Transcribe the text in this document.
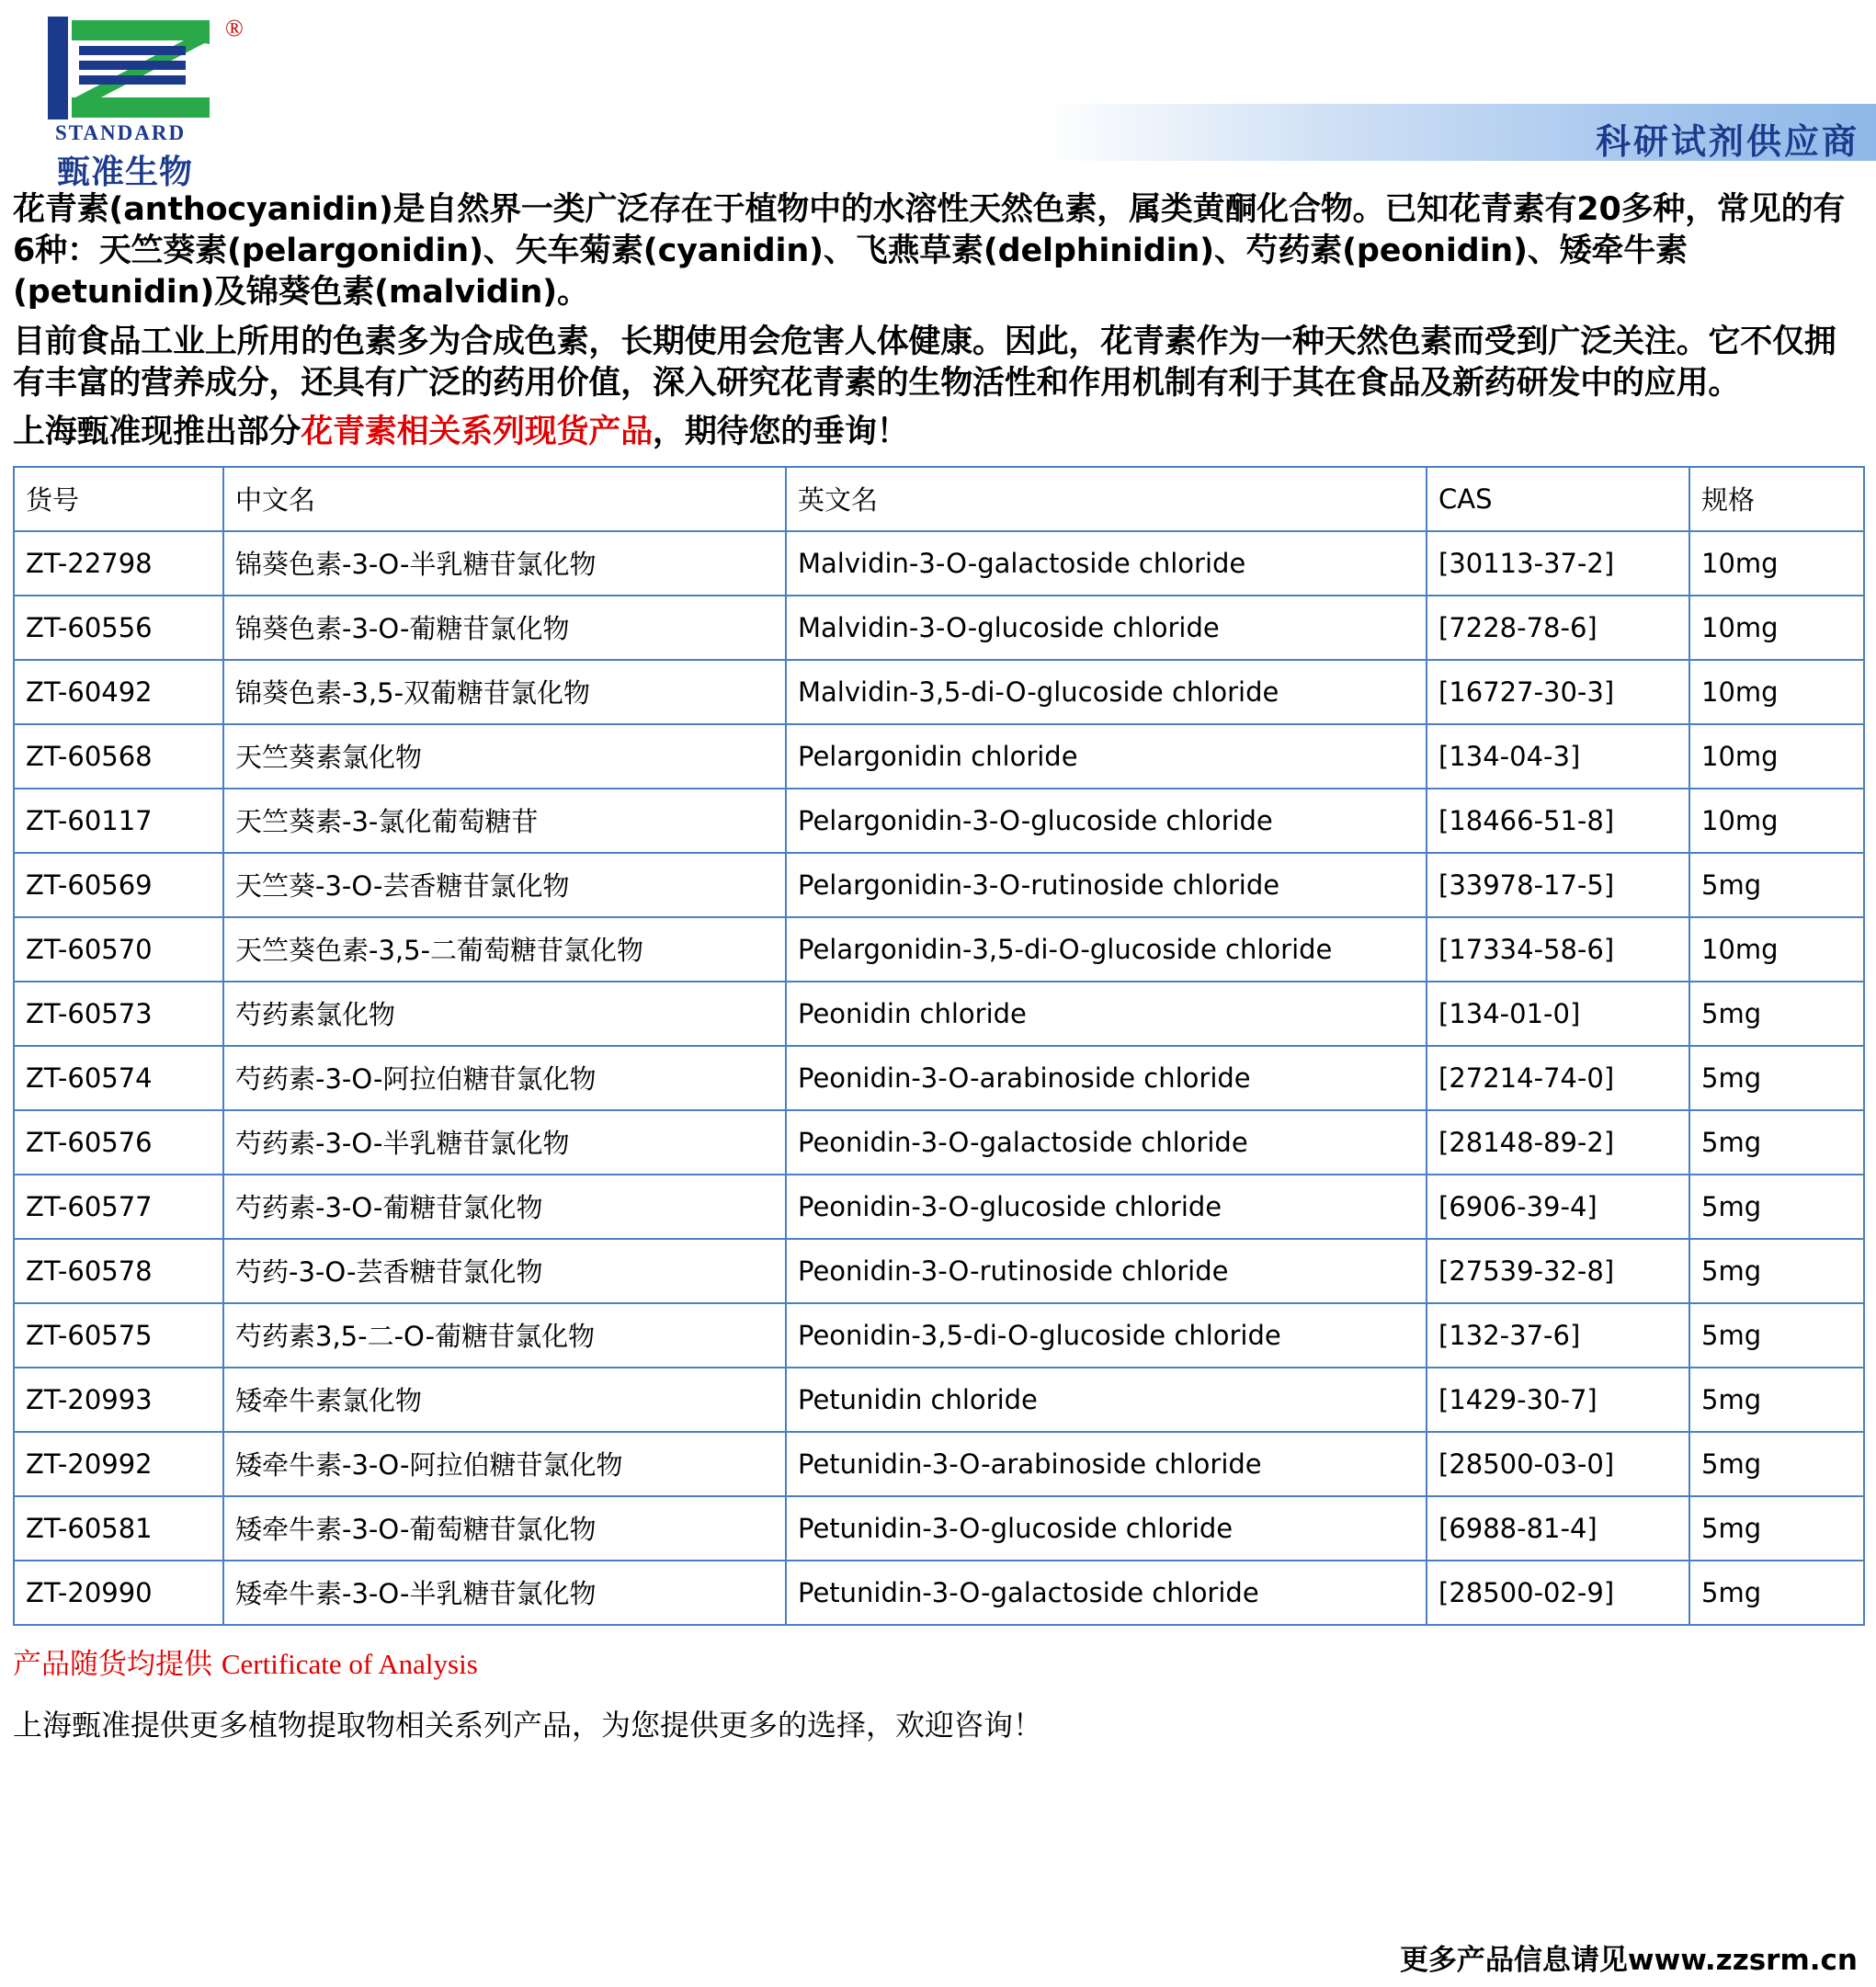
®
STANDARD
甄准生物
科研试剂供应商

花青素(anthocyanidin)是自然界一类广泛存在于植物中的水溶性天然色素，属类黄酮化合物。已知花青素有20多种，常见的有6种：天竺葵素(pelargonidin)、矢车菊素(cyanidin)、飞燕草素(delphinidin)、芍药素(peonidin)、矮牵牛素(petunidin)及锦葵色素(malvidin)。

目前食品工业上所用的色素多为合成色素，长期使用会危害人体健康。因此，花青素作为一种天然色素而受到广泛关注。它不仅拥有丰富的营养成分，还具有广泛的药用价值，深入研究花青素的生物活性和作用机制有利于其在食品及新药研发中的应用。

上海甄准现推出部分花青素相关系列现货产品，期待您的垂询！

货号	中文名	英文名	CAS	规格
ZT-22798	锦葵色素-3-O-半乳糖苷氯化物	Malvidin-3-O-galactoside chloride	[30113-37-2]	10mg
ZT-60556	锦葵色素-3-O-葡糖苷氯化物	Malvidin-3-O-glucoside chloride	[7228-78-6]	10mg
ZT-60492	锦葵色素-3,5-双葡糖苷氯化物	Malvidin-3,5-di-O-glucoside chloride	[16727-30-3]	10mg
ZT-60568	天竺葵素氯化物	Pelargonidin chloride	[134-04-3]	10mg
ZT-60117	天竺葵素-3-氯化葡萄糖苷	Pelargonidin-3-O-glucoside chloride	[18466-51-8]	10mg
ZT-60569	天竺葵-3-O-芸香糖苷氯化物	Pelargonidin-3-O-rutinoside chloride	[33978-17-5]	5mg
ZT-60570	天竺葵色素-3,5-二葡萄糖苷氯化物	Pelargonidin-3,5-di-O-glucoside chloride	[17334-58-6]	10mg
ZT-60573	芍药素氯化物	Peonidin chloride	[134-01-0]	5mg
ZT-60574	芍药素-3-O-阿拉伯糖苷氯化物	Peonidin-3-O-arabinoside chloride	[27214-74-0]	5mg
ZT-60576	芍药素-3-O-半乳糖苷氯化物	Peonidin-3-O-galactoside chloride	[28148-89-2]	5mg
ZT-60577	芍药素-3-O-葡糖苷氯化物	Peonidin-3-O-glucoside chloride	[6906-39-4]	5mg
ZT-60578	芍药-3-O-芸香糖苷氯化物	Peonidin-3-O-rutinoside chloride	[27539-32-8]	5mg
ZT-60575	芍药素3,5-二-O-葡糖苷氯化物	Peonidin-3,5-di-O-glucoside chloride	[132-37-6]	5mg
ZT-20993	矮牵牛素氯化物	Petunidin chloride	[1429-30-7]	5mg
ZT-20992	矮牵牛素-3-O-阿拉伯糖苷氯化物	Petunidin-3-O-arabinoside chloride	[28500-03-0]	5mg
ZT-60581	矮牵牛素-3-O-葡萄糖苷氯化物	Petunidin-3-O-glucoside chloride	[6988-81-4]	5mg
ZT-20990	矮牵牛素-3-O-半乳糖苷氯化物	Petunidin-3-O-galactoside chloride	[28500-02-9]	5mg
产品随货均提供 Certificate of Analysis
上海甄准提供更多植物提取物相关系列产品，为您提供更多的选择，欢迎咨询！
更多产品信息请见www.zzsrm.cn
